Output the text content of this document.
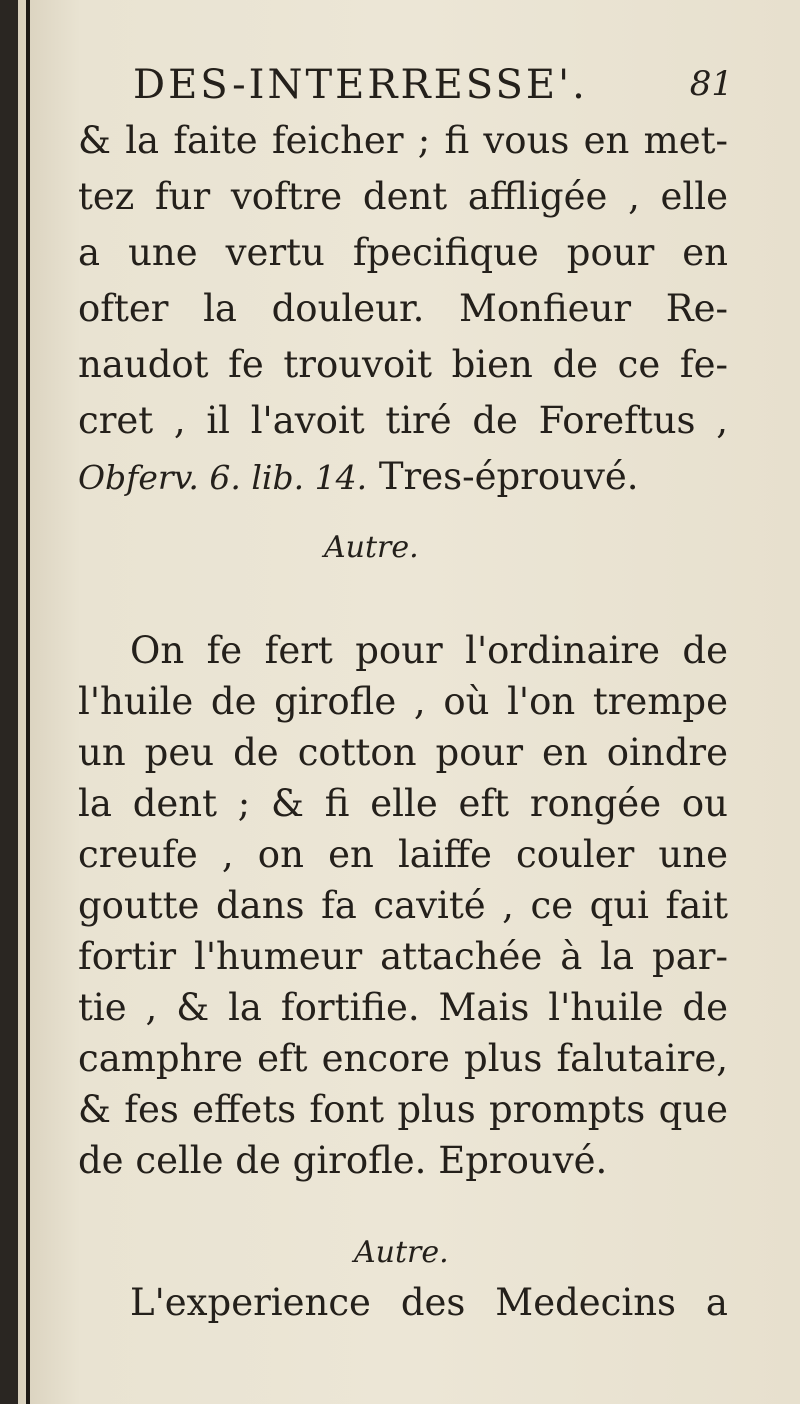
DES-INTERRESSE'.	81
& la faite feicher ; fi vous en met-
tez fur voftre dent affligée , elle
a une vertu fpecifique pour en
ofter la douleur. Monfieur Re-
naudot fe trouvoit bien de ce fe-
cret , il l'avoit tiré de Foreftus ,
Obferv. 6. lib. 14. Tres-éprouvé.
Autre.
On fe fert pour l'ordinaire de
l'huile de girofle , où l'on trempe
un peu de cotton pour en oindre
la dent ; & fi elle eft rongée ou
creufe , on en laiffe couler une
goutte dans fa cavité , ce qui fait
fortir l'humeur attachée à la par-
tie , & la fortifie. Mais l'huile de
camphre eft encore plus falutaire,
& fes effets font plus prompts que
de celle de girofle. Eprouvé.
Autre.
L'experience des Medecins a
